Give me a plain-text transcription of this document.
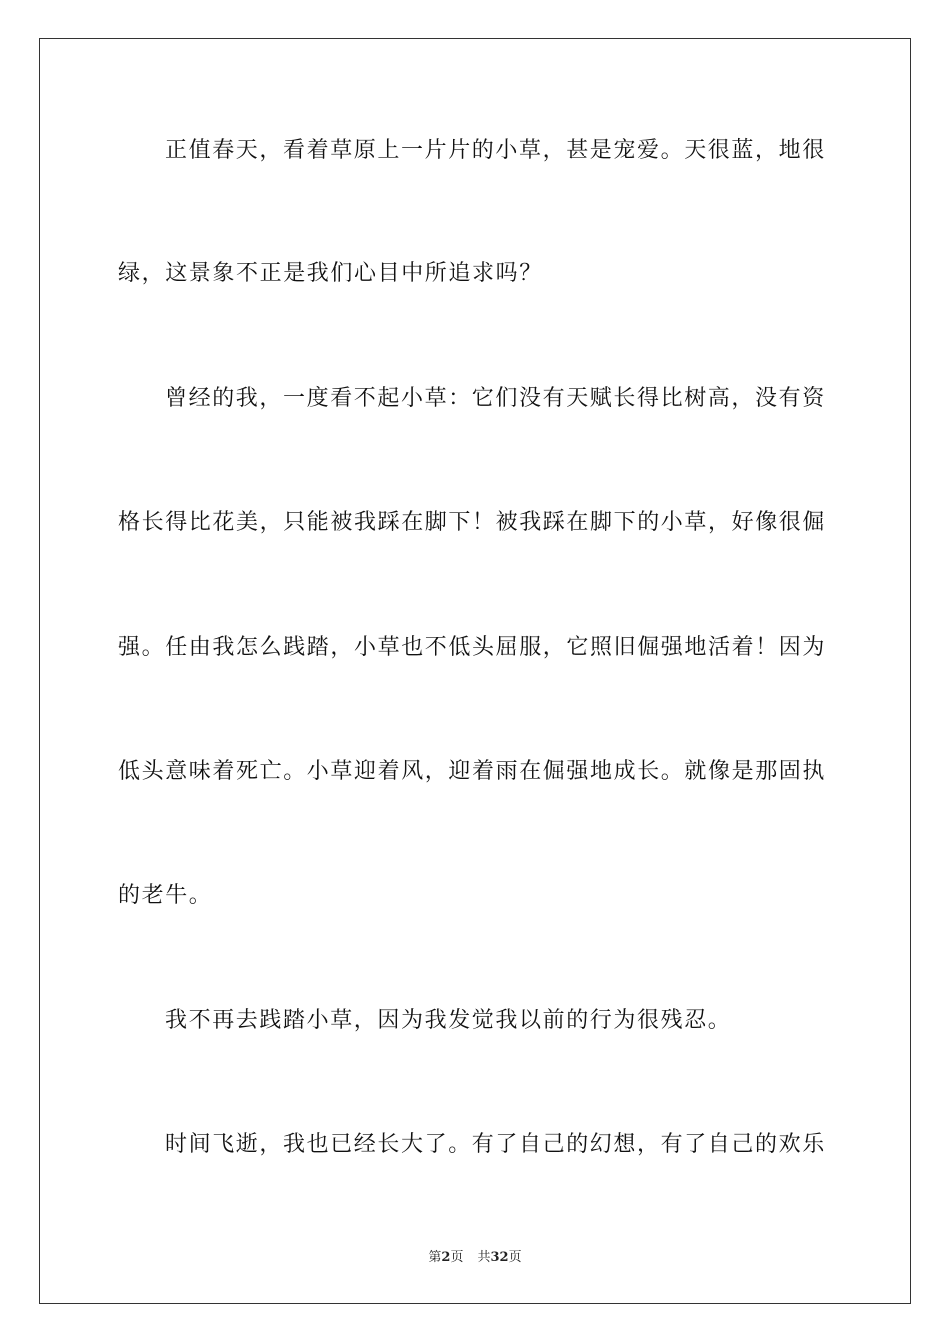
正值春天，看着草原上一片片的小草，甚是宠爱。天很蓝，地很
绿，这景象不正是我们心目中所追求吗？
曾经的我，一度看不起小草：它们没有天赋长得比树高，没有资
格长得比花美，只能被我踩在脚下！被我踩在脚下的小草，好像很倔
强。任由我怎么践踏，小草也不低头屈服，它照旧倔强地活着！因为
低头意味着死亡。小草迎着风，迎着雨在倔强地成长。就像是那固执
的老牛。
我不再去践踏小草，因为我发觉我以前的行为很残忍。
时间飞逝，我也已经长大了。有了自己的幻想，有了自己的欢乐
第2页 共32页
